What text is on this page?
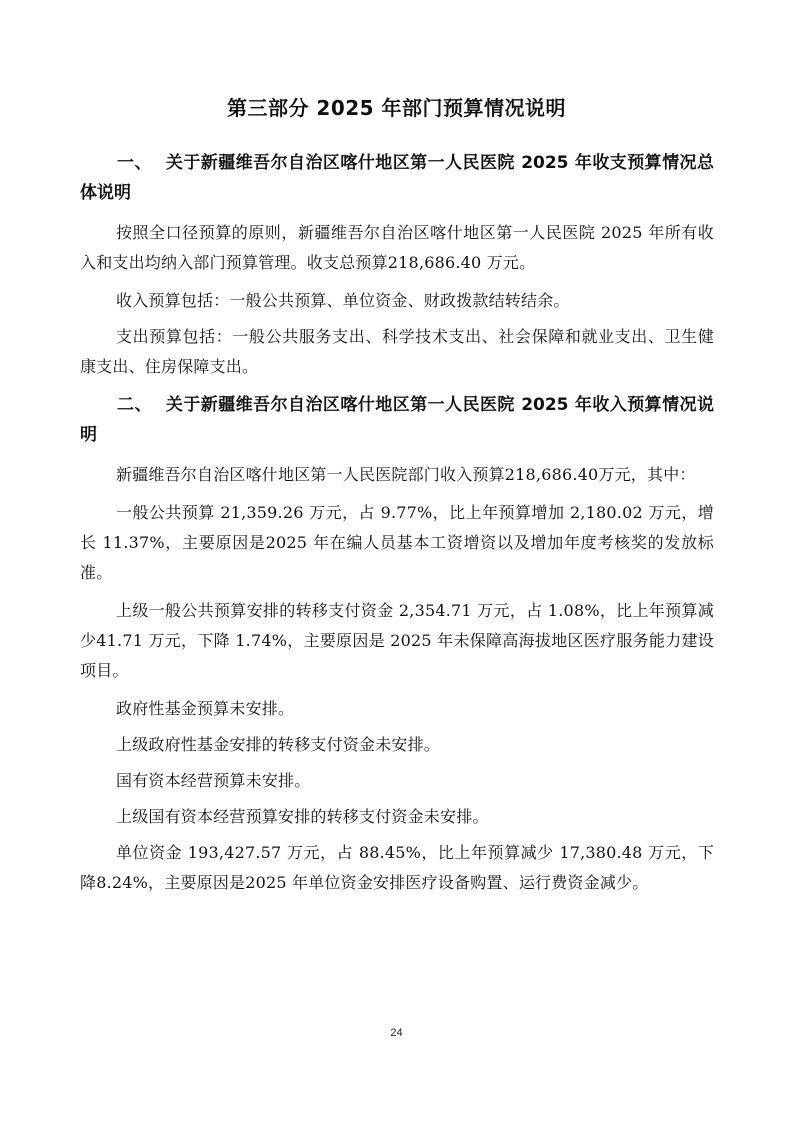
第三部分 2025 年部门预算情况说明
一、 关于新疆维吾尔自治区喀什地区第一人民医院 2025 年收支预算情况总体说明

按照全口径预算的原则，新疆维吾尔自治区喀什地区第一人民医院 2025 年所有收入和支出均纳入部门预算管理。收支总预算218,686.40 万元。

收入预算包括：一般公共预算、单位资金、财政拨款结转结余。

支出预算包括：一般公共服务支出、科学技术支出、社会保障和就业支出、卫生健康支出、住房保障支出。

二、 关于新疆维吾尔自治区喀什地区第一人民医院 2025 年收入预算情况说明

新疆维吾尔自治区喀什地区第一人民医院部门收入预算218,686.40万元，其中：

一般公共预算 21,359.26 万元，占 9.77%，比上年预算增加 2,180.02 万元，增长 11.37%，主要原因是2025 年在编人员基本工资增资以及增加年度考核奖的发放标准。

上级一般公共预算安排的转移支付资金 2,354.71 万元，占 1.08%，比上年预算减少41.71 万元，下降 1.74%，主要原因是 2025 年未保障高海拔地区医疗服务能力建设项目。

政府性基金预算未安排。

上级政府性基金安排的转移支付资金未安排。

国有资本经营预算未安排。

上级国有资本经营预算安排的转移支付资金未安排。

单位资金 193,427.57 万元，占 88.45%，比上年预算减少 17,380.48 万元，下降8.24%，主要原因是2025 年单位资金安排医疗设备购置、运行费资金减少。

24
